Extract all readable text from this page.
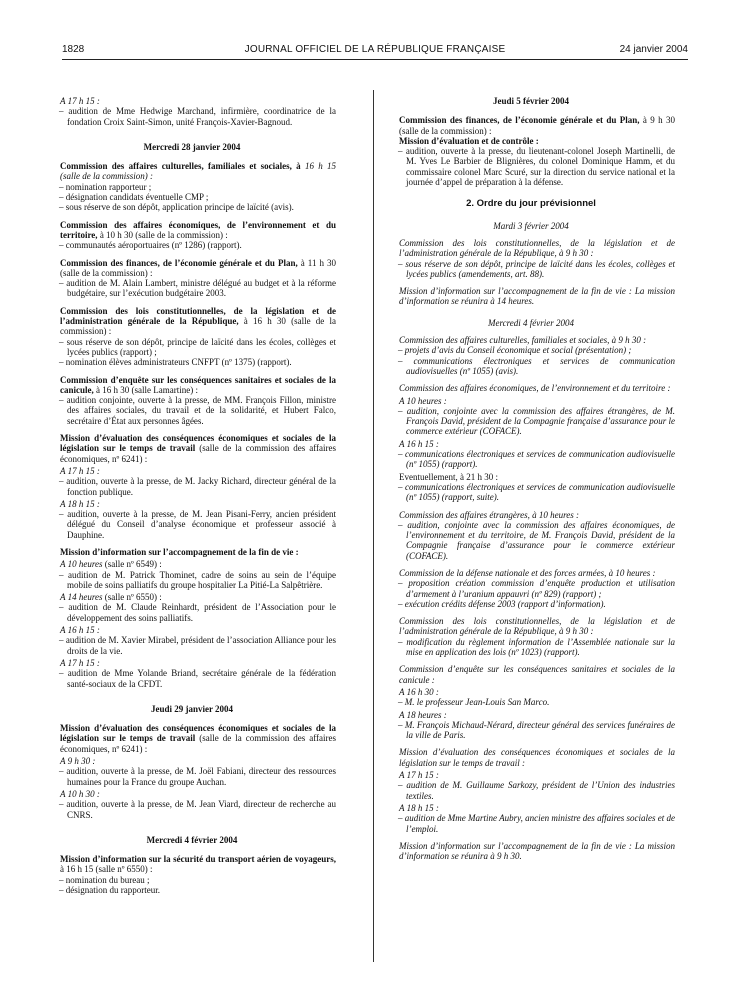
1828	JOURNAL OFFICIEL DE LA RÉPUBLIQUE FRANÇAISE	24 janvier 2004

A 17 h 15 :

– audition de Mme Hedwige Marchand, infirmière, coordinatrice de la fondation Croix Saint-Simon, unité François-Xavier-Bagnoud.

Mercredi 28 janvier 2004

Commission des affaires culturelles, familiales et sociales, à 16 h 15 (salle de la commission) :

– nomination rapporteur ;

– désignation candidats éventuelle CMP ;

– sous réserve de son dépôt, application principe de laïcité (avis).

Commission des affaires économiques, de l’environnement et du territoire, à 10 h 30 (salle de la commission) :

– communautés aéroportuaires (nº 1286) (rapport).

Commission des finances, de l’économie générale et du Plan, à 11 h 30 (salle de la commission) :

– audition de M. Alain Lambert, ministre délégué au budget et à la réforme budgétaire, sur l’exécution budgétaire 2003.

Commission des lois constitutionnelles, de la législation et de l’administration générale de la République, à 16 h 30 (salle de la commission) :

– sous réserve de son dépôt, principe de laïcité dans les écoles, collèges et lycées publics (rapport) ;

– nomination élèves administrateurs CNFPT (nº 1375) (rapport).

Commission d’enquête sur les conséquences sanitaires et sociales de la canicule, à 16 h 30 (salle Lamartine) :

– audition conjointe, ouverte à la presse, de MM. François Fillon, ministre des affaires sociales, du travail et de la solidarité, et Hubert Falco, secrétaire d’État aux personnes âgées.

Mission d’évaluation des conséquences économiques et sociales de la législation sur le temps de travail (salle de la commission des affaires économiques, nº 6241) :

A 17 h 15 :

– audition, ouverte à la presse, de M. Jacky Richard, directeur général de la fonction publique.

A 18 h 15 :

– audition, ouverte à la presse, de M. Jean Pisani-Ferry, ancien président délégué du Conseil d’analyse économique et professeur associé à Dauphine.

Mission d’information sur l’accompagnement de la fin de vie :

A 10 heures (salle nº 6549) :

– audition de M. Patrick Thominet, cadre de soins au sein de l’équipe mobile de soins palliatifs du groupe hospitalier La Pitié-La Salpêtrière.

A 14 heures (salle nº 6550) :

– audition de M. Claude Reinhardt, président de l’Association pour le développement des soins palliatifs.

A 16 h 15 :

– audition de M. Xavier Mirabel, président de l’association Alliance pour les droits de la vie.

A 17 h 15 :

– audition de Mme Yolande Briand, secrétaire générale de la fédération santé-sociaux de la CFDT.

Jeudi 29 janvier 2004

Mission d’évaluation des conséquences économiques et sociales de la législation sur le temps de travail (salle de la commission des affaires économiques, nº 6241) :

A 9 h 30 :

– audition, ouverte à la presse, de M. Joël Fabiani, directeur des ressources humaines pour la France du groupe Auchan.

A 10 h 30 :

– audition, ouverte à la presse, de M. Jean Viard, directeur de recherche au CNRS.

Mercredi 4 février 2004

Mission d’information sur la sécurité du transport aérien de voyageurs, à 16 h 15 (salle nº 6550) :

– nomination du bureau ;

– désignation du rapporteur.

Jeudi 5 février 2004

Commission des finances, de l’économie générale et du Plan, à 9 h 30 (salle de la commission) :

Mission d’évaluation et de contrôle :

– audition, ouverte à la presse, du lieutenant-colonel Joseph Martinelli, de M. Yves Le Barbier de Blignières, du colonel Dominique Hamm, et du commissaire colonel Marc Scuré, sur la direction du service national et la journée d’appel de préparation à la défense.

2. Ordre du jour prévisionnel

Mardi 3 février 2004

Commission des lois constitutionnelles, de la législation et de l’administration générale de la République, à 9 h 30 :

– sous réserve de son dépôt, principe de laïcité dans les écoles, collèges et lycées publics (amendements, art. 88).

Mission d’information sur l’accompagnement de la fin de vie : La mission d’information se réunira à 14 heures.

Mercredi 4 février 2004

Commission des affaires culturelles, familiales et sociales, à 9 h 30 :

– projets d’avis du Conseil économique et social (présentation) ;

– communications électroniques et services de communication audiovisuelles (nº 1055) (avis).

Commission des affaires économiques, de l’environnement et du territoire :

A 10 heures :

– audition, conjointe avec la commission des affaires étrangères, de M. François David, président de la Compagnie française d’assurance pour le commerce extérieur (COFACE).

A 16 h 15 :

– communications électroniques et services de communication audiovisuelle (nº 1055) (rapport).

Eventuellement, à 21 h 30 :

– communications électroniques et services de communication audiovisuelle (nº 1055) (rapport, suite).

Commission des affaires étrangères, à 10 heures :

– audition, conjointe avec la commission des affaires économiques, de l’environnement et du territoire, de M. François David, président de la Compagnie française d’assurance pour le commerce extérieur (COFACE).

Commission de la défense nationale et des forces armées, à 10 heures :

– proposition création commission d’enquête production et utilisation d’armement à l’uranium appauvri (nº 829) (rapport) ;

– exécution crédits défense 2003 (rapport d’information).

Commission des lois constitutionnelles, de la législation et de l’administration générale de la République, à 9 h 30 :

– modification du règlement information de l’Assemblée nationale sur la mise en application des lois (nº 1023) (rapport).

Commission d’enquête sur les conséquences sanitaires et sociales de la canicule :

A 16 h 30 :

– M. le professeur Jean-Louis San Marco.

A 18 heures :

– M. François Michaud-Nérard, directeur général des services funéraires de la ville de Paris.

Mission d’évaluation des conséquences économiques et sociales de la législation sur le temps de travail :

A 17 h 15 :

– audition de M. Guillaume Sarkozy, président de l’Union des industries textiles.

A 18 h 15 :

– audition de Mme Martine Aubry, ancien ministre des affaires sociales et de l’emploi.

Mission d’information sur l’accompagnement de la fin de vie : La mission d’information se réunira à 9 h 30.
